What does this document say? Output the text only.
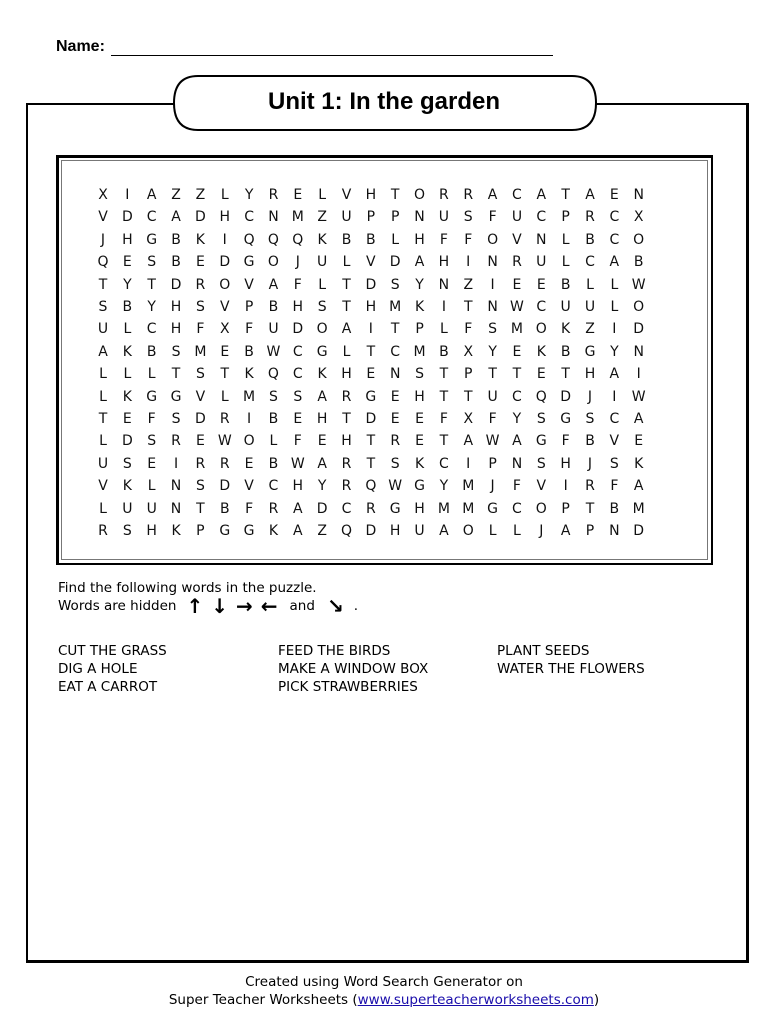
Name:
Unit 1: In the garden
X	I	A	Z	Z	L	Y	R	E	L	V	H	T	O R	R	A	C	A	T	A	E	N
V	D	C	A	D H	C	N M Z	U	P	P	N U	S	F	U	C	P	R	C	X
J	H G	B	K	I	Q Q Q	K	B	B	L	H	F	F	O	V	N	L	B	C O
Q	E	S	B	E	D G O	J	U	L	V	D	A	H	I	N	R	U	L	C	A	B
T	Y	T	D	R O	V	A	F	L	T	D	S	Y	N	Z	I	E	E	B	L	L W
S	B	Y	H	S	V	P	B	H	S	T	H M K	I	T	N W C	U	U	L	O
U	L	C	H	F	X	F	U D O	A	I	T	P	L	F	S M O	K	Z	I	D
A	K	B	S M E	B W C	G	L	T	C M B	X	Y	E	K	B	G	Y	N
L	L	L	T	S	T	K	Q C	K	H	E	N	S	T	P	T	T	E	T	H	A	I
L	K	G G	V	L	M S	S	A	R	G	E	H	T	T	U	C Q D	J	I	W
T	E	F	S	D	R	I	B	E	H	T	D	E	E	F	X	F	Y	S	G	S	C	A
L	D	S	R	E W O	L	F	E	H	T	R	E	T	A W A	G	F	B	V	E
U	S	E	I	R	R	E	B W A	R	T	S	K	C	I	P	N	S	H	J	S	K
V	K	L	N	S	D	V	C	H	Y	R Q W G	Y	M	J	F	V	I	R	F	A
L	U	U N	T	B	F	R	A	D	C	R	G H M M G	C O	P	T	B M
R	S	H	K	P	G G	K	A	Z	Q D H U	A	O	L	L	J	A	P	N D
Find the following words in the puzzle.
Words are hidden ↑ ↓ → ← and ↘ .
CUT THE GRASS
DIG A HOLE
EAT A CARROT
FEED THE BIRDS
MAKE A WINDOW BOX
PICK STRAWBERRIES
PLANT SEEDS
WATER THE FLOWERS
Created using Word Search Generator on
Super Teacher Worksheets (www.superteacherworksheets.com)
